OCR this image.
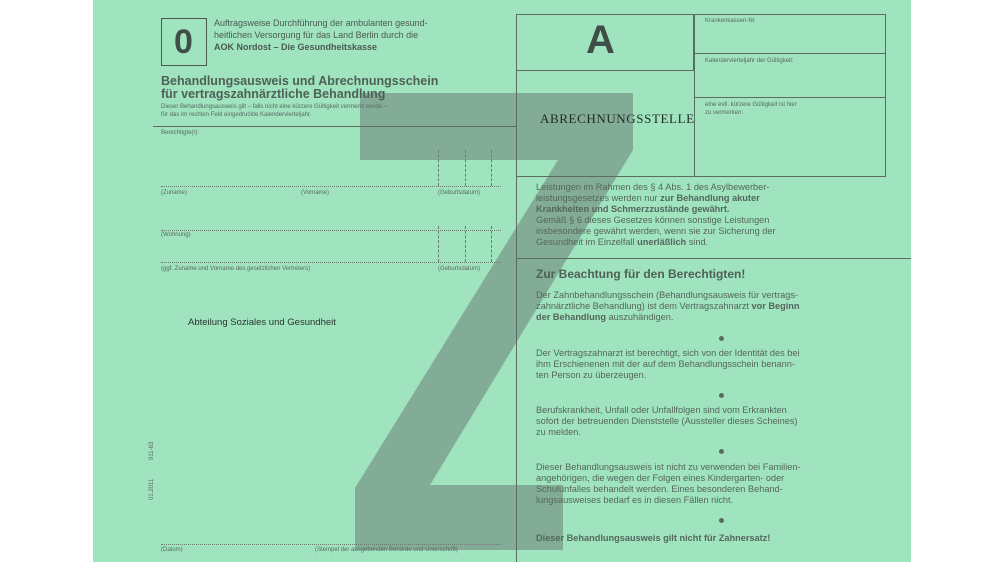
0	Auftragsweise Durchführung der ambulanten gesund-
heitlichen Versorgung für das Land Berlin durch die
AOK Nordost – Die Gesundheitskasse
Behandlungsausweis und Abrechnungsschein
für vertragszahnärztliche Behandlung
Dieser Behandlungsausweis gilt – falls nicht eine kürzere Gültigkeit vermerkt wurde –
für das im rechten Feld eingedruckte Kalendervierteljahr.
Berechtigte(r):
(Zuname)	(Vorname)	(Geburtsdatum)
(Wohnung)
(ggf. Zuname und Vorname des gesetzlichen Vertreters)	(Geburtsdatum)
Abteilung Soziales und Gesundheit
01.2011
911-63
(Datum)	(Stempel der ausgebenden Behörde und Unterschrift)
A	Krankenkassen-Nr.
Kalendervierteljahr der Gültigkeit:
eine evtl. kürzere Gültigkeit ist hier
zu vermerken:
ABRECHNUNGSSTELLE
Leistungen im Rahmen des § 4 Abs. 1 des Asylbewerber-
leistungsgesetzes werden nur zur Behandlung akuter
Krankheiten und Schmerzzustände gewährt.
Gemäß § 6 dieses Gesetzes können sonstige Leistungen
insbesondere gewährt werden, wenn sie zur Sicherung der
Gesundheit im Einzelfall unerläßlich sind.
Zur Beachtung für den Berechtigten!
Der Zahnbehandlungsschein (Behandlungsausweis für vertrags-
zahnärztliche Behandlung) ist dem Vertragszahnarzt vor Beginn
der Behandlung auszuhändigen.
Der Vertragszahnarzt ist berechtigt, sich von der Identität des bei
ihm Erschienenen mit der auf dem Behandlungsschein benann-
ten Person zu überzeugen.
Berufskrankheit, Unfall oder Unfallfolgen sind vom Erkrankten
sofort der betreuenden Dienststelle (Aussteller dieses Scheines)
zu melden.
Dieser Behandlungsausweis ist nicht zu verwenden bei Familien-
angehörigen, die wegen der Folgen eines Kindergarten- oder
Schulunfalles behandelt werden. Eines besonderen Behand-
lungsausweises bedarf es in diesen Fällen nicht.
Dieser Behandlungsausweis gilt nicht für Zahnersatz!
